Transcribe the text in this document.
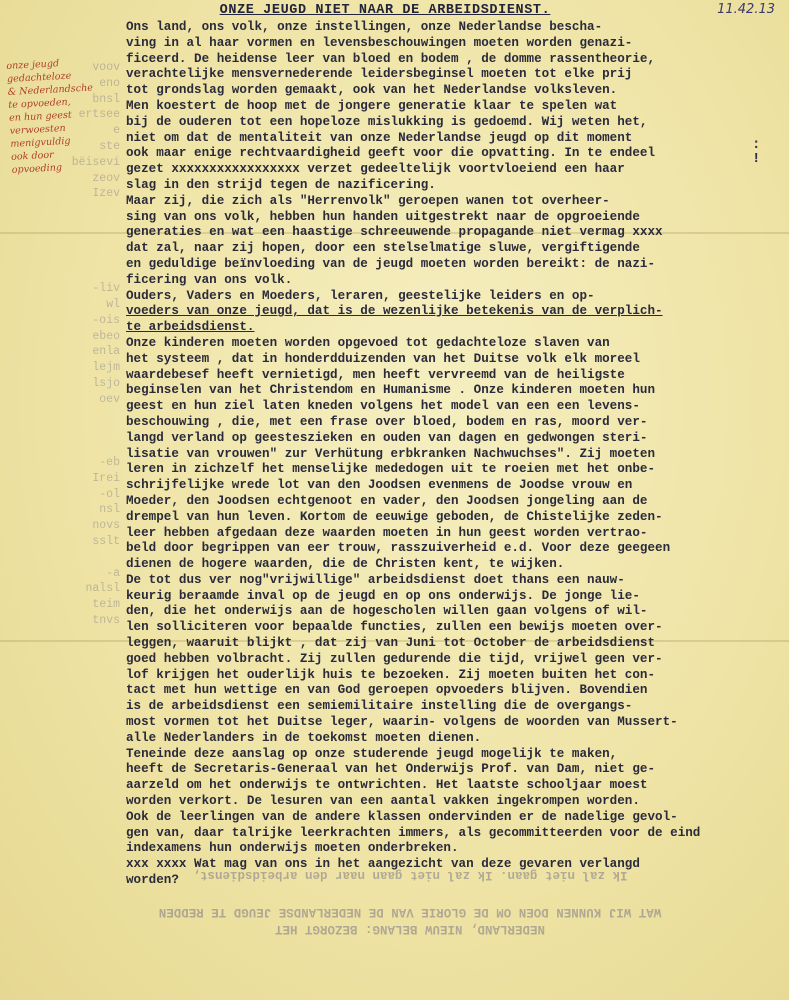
11.42.13
ONZE JEUGD NIET NAAR DE ARBEIDSDIENST.
voov
eno
bnsl
ertsee
e
ste
bëisevi
zeov
Izev
-liv
wl
-ois
ebeo
enla
lejm
lsjo
oev
-eb
Irei
-ol
nsl
novs
sslt
-a
nalsl
teim
tnvs
onze jeugd
gedachteloze
& Nederlandsche
te opvoeden,
en hun geest
verwoesten
menigvuldig
ook door
opvoeding
Ons land, ons volk, onze instellingen, onze Nederlandse bescha-
ving in al haar vormen en levensbeschouwingen moeten worden genazi-
ficeerd. De heidense leer van bloed en bodem , de domme rassentheorie,
verachtelijke mensvernederende leidersbeginsel moeten tot elke prij
tot grondslag worden gemaakt, ook van het Nederlandse volksleven.
Men koestert de hoop met de jongere generatie klaar te spelen wat
bij de ouderen tot een hopeloze mislukking is gedoemd. Wij weten het,
niet om dat de mentaliteit van onze Nederlandse jeugd op dit moment
ook maar enige rechtvaardigheid geeft voor die opvatting. In te endeel
gezet xxxxxxxxxxxxxxxxx verzet gedeeltelijk voortvloeiend een haar
slag in den strijd tegen de nazificering.
Maar zij, die zich als "Herrenvolk" geroepen wanen tot overheer-
sing van ons volk, hebben hun handen uitgestrekt naar de opgroeiende
generaties en wat een haastige schreeuwende propagande niet vermag xxxx
dat zal, naar zij hopen, door een stelselmatige sluwe, vergiftigende
en geduldige beïnvloeding van de jeugd moeten worden bereikt: de nazi-
ficering van ons volk.
Ouders, Vaders en Moeders, leraren, geestelijke leiders en op-
voeders van onze jeugd, dat is de wezenlijke betekenis van de verplich-
te arbeidsdienst.
Onze kinderen moeten worden opgevoed tot gedachteloze slaven van
het systeem , dat in honderdduizenden van het Duitse volk elk moreel
waardebesef heeft vernietigd, men heeft vervreemd van de heiligste
beginselen van het Christendom en Humanisme . Onze kinderen moeten hun
geest en hun ziel laten kneden volgens het model van een een levens-
beschouwing , die, met een frase over bloed, bodem en ras, moord ver-
langd verland op geesteszieken en ouden van dagen en gedwongen steri-
lisatie van vrouwen" zur Verhütung erbkranken Nachwuchses". Zij moeten
leren in zichzelf het menselijke mededogen uit te roeien met het onbe-
schrijfelijke wrede lot van den Joodsen evenmens de Joodse vrouw en
Moeder, den Joodsen echtgenoot en vader, den Joodsen jongeling aan de
drempel van hun leven. Kortom de eeuwige geboden, de Chistelijke zeden-
leer hebben afgedaan deze waarden moeten in hun geest worden vertrao-
beld door begrippen van eer trouw, rasszuiverheid e.d. Voor deze geegeen
dienen de hogere waarden, die de Christen kent, te wijken.
De tot dus ver nog"vrijwillige" arbeidsdienst doet thans een nauw-
keurig beraamde inval op de jeugd en op ons onderwijs. De jonge lie-
den, die het onderwijs aan de hogescholen willen gaan volgens of wil-
len solliciteren voor bepaalde functies, zullen een bewijs moeten over-
leggen, waaruit blijkt , dat zij van Juni tot October de arbeidsdienst
goed hebben volbracht. Zij zullen gedurende die tijd, vrijwel geen ver-
lof krijgen het ouderlijk huis te bezoeken. Zij moeten buiten het con-
tact met hun wettige en van God geroepen opvoeders blijven. Bovendien
is de arbeidsdienst een semiemilitaire instelling die de overgangs-
most vormen tot het Duitse leger, waarin- volgens de woorden van Mussert-
alle Nederlanders in de toekomst moeten dienen.
Teneinde deze aanslag op onze studerende jeugd mogelijk te maken,
heeft de Secretaris-Generaal van het Onderwijs Prof. van Dam, niet ge-
aarzeld om het onderwijs te ontwrichten. Het laatste schooljaar moest
worden verkort. De lesuren van een aantal vakken ingekrompen worden.
Ook de leerlingen van de andere klassen ondervinden er de nadelige gevol-
gen van, daar talrijke leerkrachten immers, als gecommitteerden voor de eind
indexamens hun onderwijs moeten onderbreken.
xxx xxxx Wat mag van ons in het aangezicht van deze gevaren verlangd
worden?
:
!
Ik zal niet gaan. Ik zal niet gaan naar den arbeidsdienst,
WAT WIJ KUNNEN DOEN OM DE GLORIE VAN DE NEDERLANDSE JEUGD TE REDDEN
NEDERLAND, NIEUW BELANG: BEZORGT HET
